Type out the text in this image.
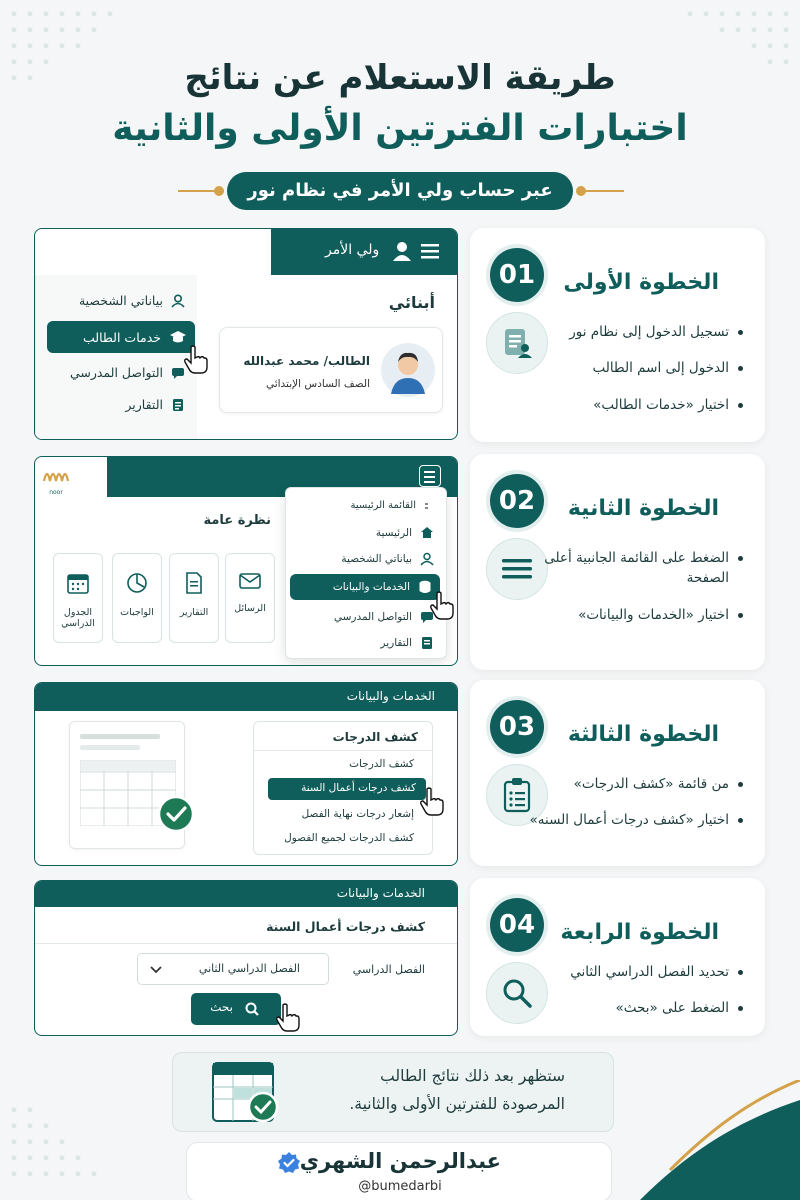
طريقة الاستعلام عن نتائج
اختبارات الفترتين الأولى والثانية
عبر حساب ولي الأمر في نظام نور
01	الخطوة الأولى
تسجيل الدخول إلى نظام نور
الدخول إلى اسم الطالب
اختيار «خدمات الطالب»
ولي الأمر
بياناتي الشخصية
خدمات الطالب
التواصل المدرسي
التقارير
أبنائي
الطالب/ محمد عبدالله
الصف السادس الإبتدائي
02	الخطوة الثانية
الضغط على القائمة الجانبية أعلى الصفحة
اختيار «الخدمات والبيانات»
noor
نظرة عامة
الرسائل
التقارير
الواجبات
الجدول الدراسي
القائمة الرئيسية
الرئيسية
بياناتي الشخصية
الخدمات والبيانات
التواصل المدرسي
التقارير
03	الخطوة الثالثة
من قائمة «كشف الدرجات»
اختيار «كشف درجات أعمال السنه»
الخدمات والبيانات
كشف الدرجات
كشف الدرجات
كشف درجات أعمال السنة
إشعار درجات نهاية الفصل
كشف الدرجات لجميع الفصول
04	الخطوة الرابعة
تحديد الفصل الدراسي الثاني
الضغط على «بحث»
الخدمات والبيانات
كشف درجات أعمال السنة
الفصل الدراسي
الفصل الدراسي الثاني
بحث
ستظهر بعد ذلك نتائج الطالب
المرصودة للفترتين الأولى والثانية.
عبدالرحمن الشهري
@bumedarbi
